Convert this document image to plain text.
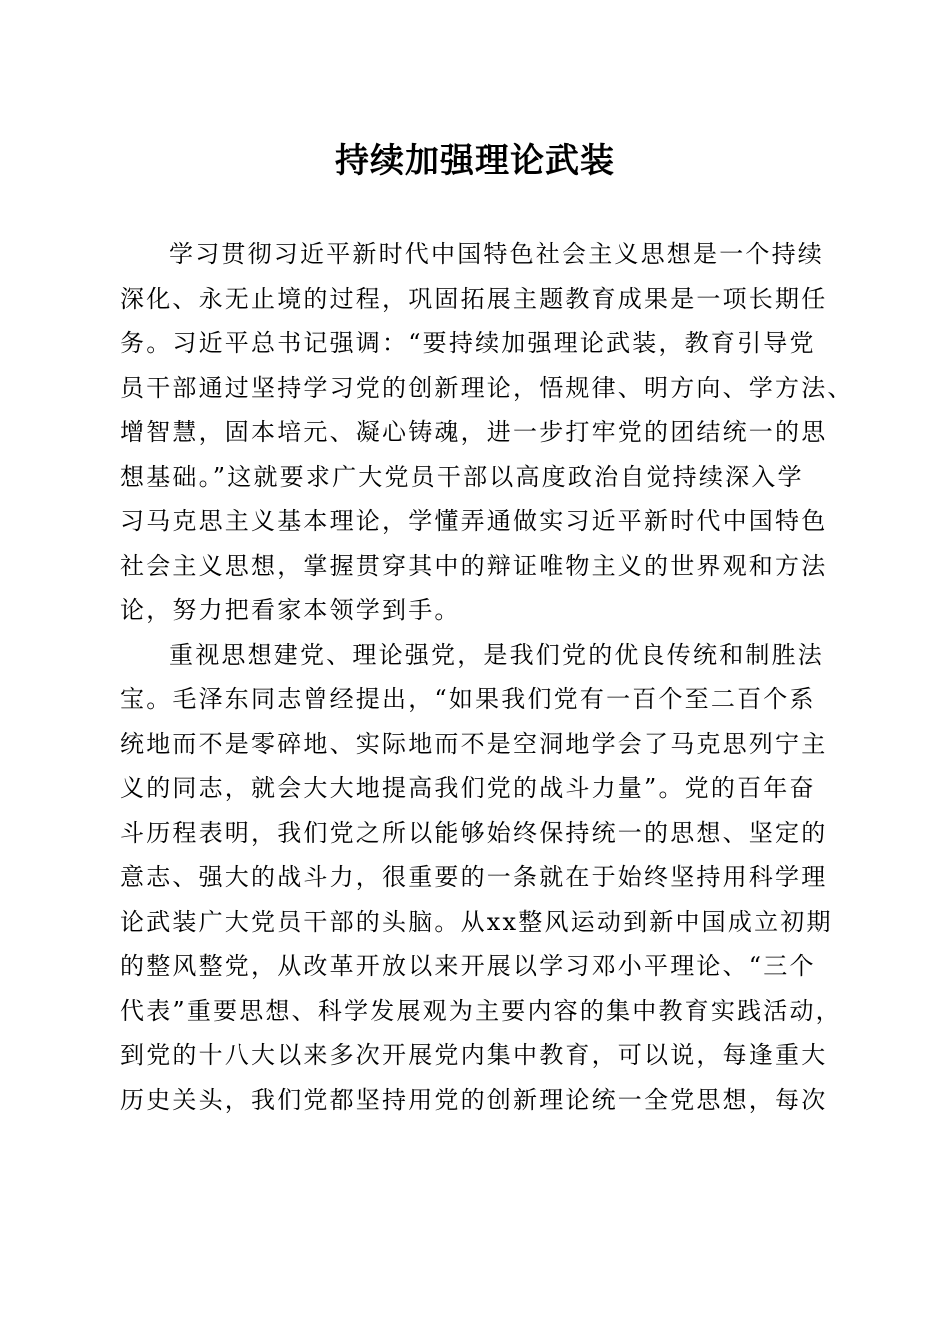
持续加强理论武装
学习贯彻习近平新时代中国特色社会主义思想是一个持续
深化、永无止境的过程，巩固拓展主题教育成果是一项长期任
务。习近平总书记强调：“要持续加强理论武装，教育引导党
员干部通过坚持学习党的创新理论，悟规律、明方向、学方法、
增智慧，固本培元、凝心铸魂，进一步打牢党的团结统一的思
想基础。”这就要求广大党员干部以高度政治自觉持续深入学
习马克思主义基本理论，学懂弄通做实习近平新时代中国特色
社会主义思想，掌握贯穿其中的辩证唯物主义的世界观和方法
论，努力把看家本领学到手。
重视思想建党、理论强党，是我们党的优良传统和制胜法
宝。毛泽东同志曾经提出，“如果我们党有一百个至二百个系
统地而不是零碎地、实际地而不是空洞地学会了马克思列宁主
义的同志，就会大大地提高我们党的战斗力量”。党的百年奋
斗历程表明，我们党之所以能够始终保持统一的思想、坚定的
意志、强大的战斗力，很重要的一条就在于始终坚持用科学理
论武装广大党员干部的头脑。从xx整风运动到新中国成立初期
的整风整党，从改革开放以来开展以学习邓小平理论、“三个
代表”重要思想、科学发展观为主要内容的集中教育实践活动，
到党的十八大以来多次开展党内集中教育，可以说，每逢重大
历史关头，我们党都坚持用党的创新理论统一全党思想，每次
